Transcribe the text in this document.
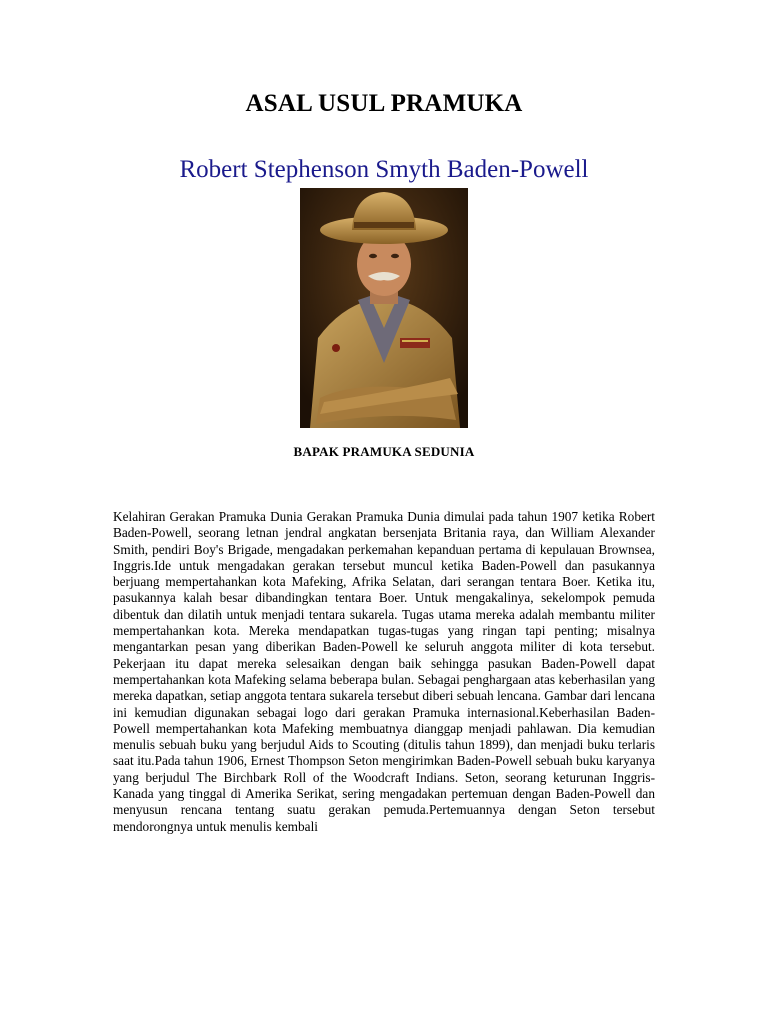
ASAL USUL PRAMUKA
Robert Stephenson Smyth Baden-Powell
BAPAK PRAMUKA SEDUNIA

Kelahiran Gerakan Pramuka Dunia Gerakan Pramuka Dunia dimulai pada tahun 1907 ketika Robert Baden-Powell, seorang letnan jendral angkatan bersenjata Britania raya, dan William Alexander Smith, pendiri Boy's Brigade, mengadakan perkemahan kepanduan pertama di kepulauan Brownsea, Inggris.Ide untuk mengadakan gerakan tersebut muncul ketika Baden-Powell dan pasukannya berjuang mempertahankan kota Mafeking, Afrika Selatan, dari serangan tentara Boer. Ketika itu, pasukannya kalah besar dibandingkan tentara Boer. Untuk mengakalinya, sekelompok pemuda dibentuk dan dilatih untuk menjadi tentara sukarela. Tugas utama mereka adalah membantu militer mempertahankan kota. Mereka mendapatkan tugas-tugas yang ringan tapi penting; misalnya mengantarkan pesan yang diberikan Baden-Powell ke seluruh anggota militer di kota tersebut. Pekerjaan itu dapat mereka selesaikan dengan baik sehingga pasukan Baden-Powell dapat mempertahankan kota Mafeking selama beberapa bulan. Sebagai penghargaan atas keberhasilan yang mereka dapatkan, setiap anggota tentara sukarela tersebut diberi sebuah lencana. Gambar dari lencana ini kemudian digunakan sebagai logo dari gerakan Pramuka internasional.Keberhasilan Baden-Powell mempertahankan kota Mafeking membuatnya dianggap menjadi pahlawan. Dia kemudian menulis sebuah buku yang berjudul Aids to Scouting (ditulis tahun 1899), dan menjadi buku terlaris saat itu.Pada tahun 1906, Ernest Thompson Seton mengirimkan Baden-Powell sebuah buku karyanya yang berjudul The Birchbark Roll of the Woodcraft Indians. Seton, seorang keturunan Inggris-Kanada yang tinggal di Amerika Serikat, sering mengadakan pertemuan dengan Baden-Powell dan menyusun rencana tentang suatu gerakan pemuda.Pertemuannya dengan Seton tersebut mendorongnya untuk menulis kembali
